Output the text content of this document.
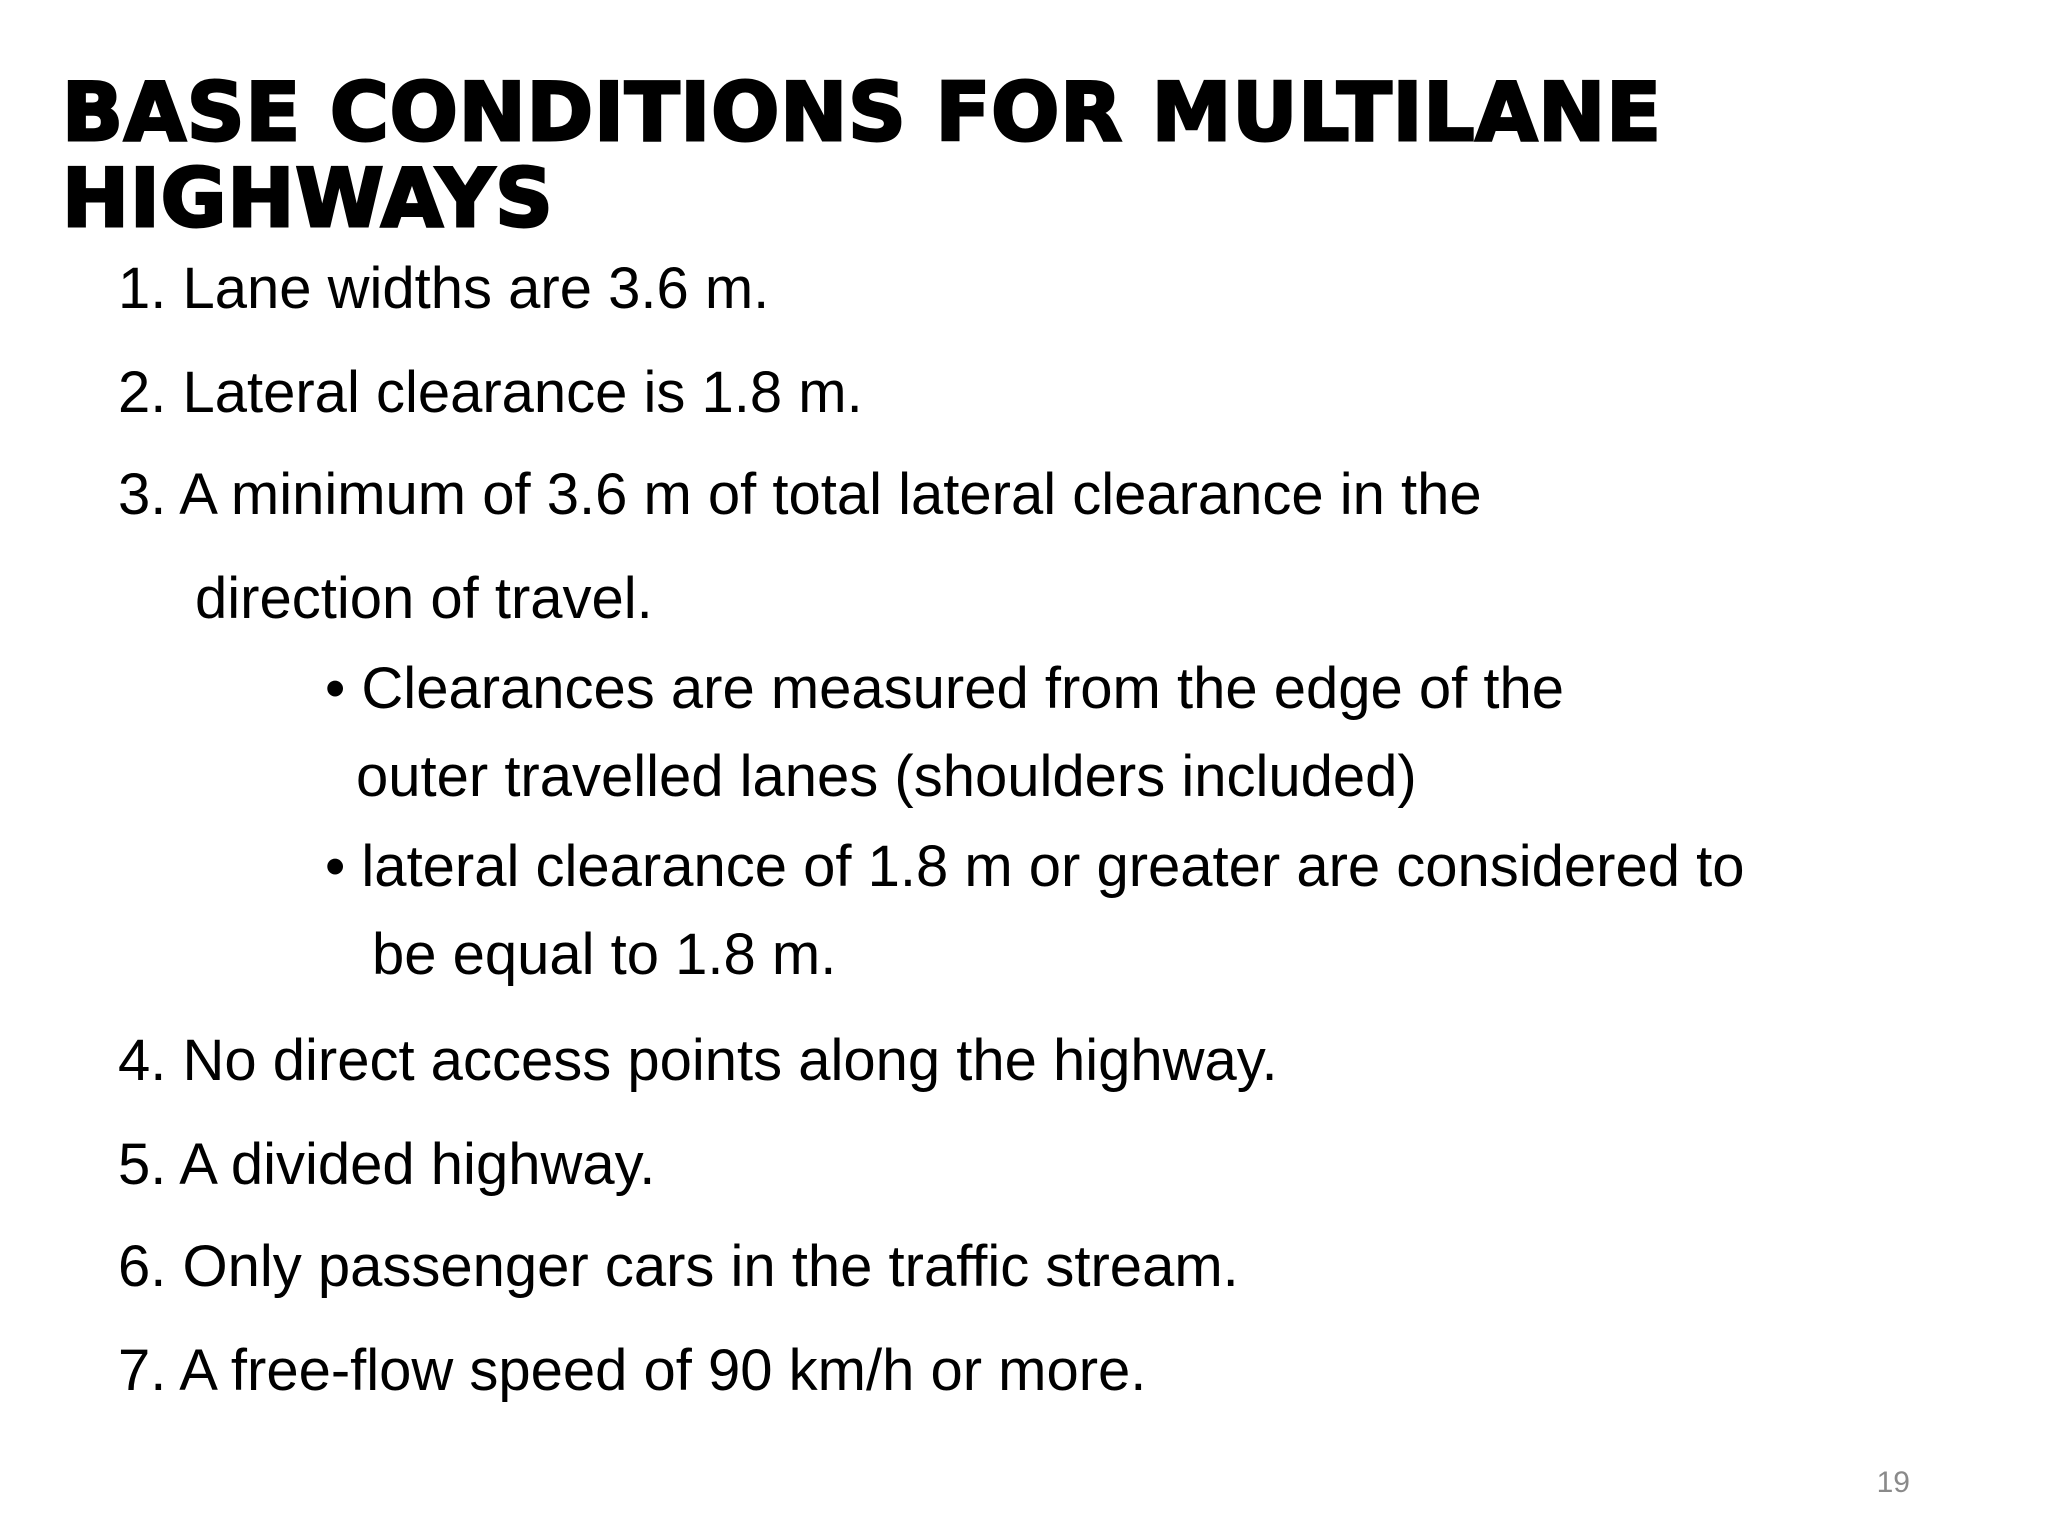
BASE CONDITIONS FOR MULTILANE HIGHWAYS

1. Lane widths are 3.6 m.

2. Lateral clearance is 1.8 m.

3. A minimum of 3.6 m of total lateral clearance in the

direction of travel.

• Clearances are measured from the edge of the

outer travelled lanes (shoulders included)

• lateral clearance of 1.8 m or greater are considered to

be equal to 1.8 m.

4. No direct access points along the highway.

5. A divided highway.

6. Only passenger cars in the traffic stream.

7. A free-flow speed of 90 km/h or more.

19
